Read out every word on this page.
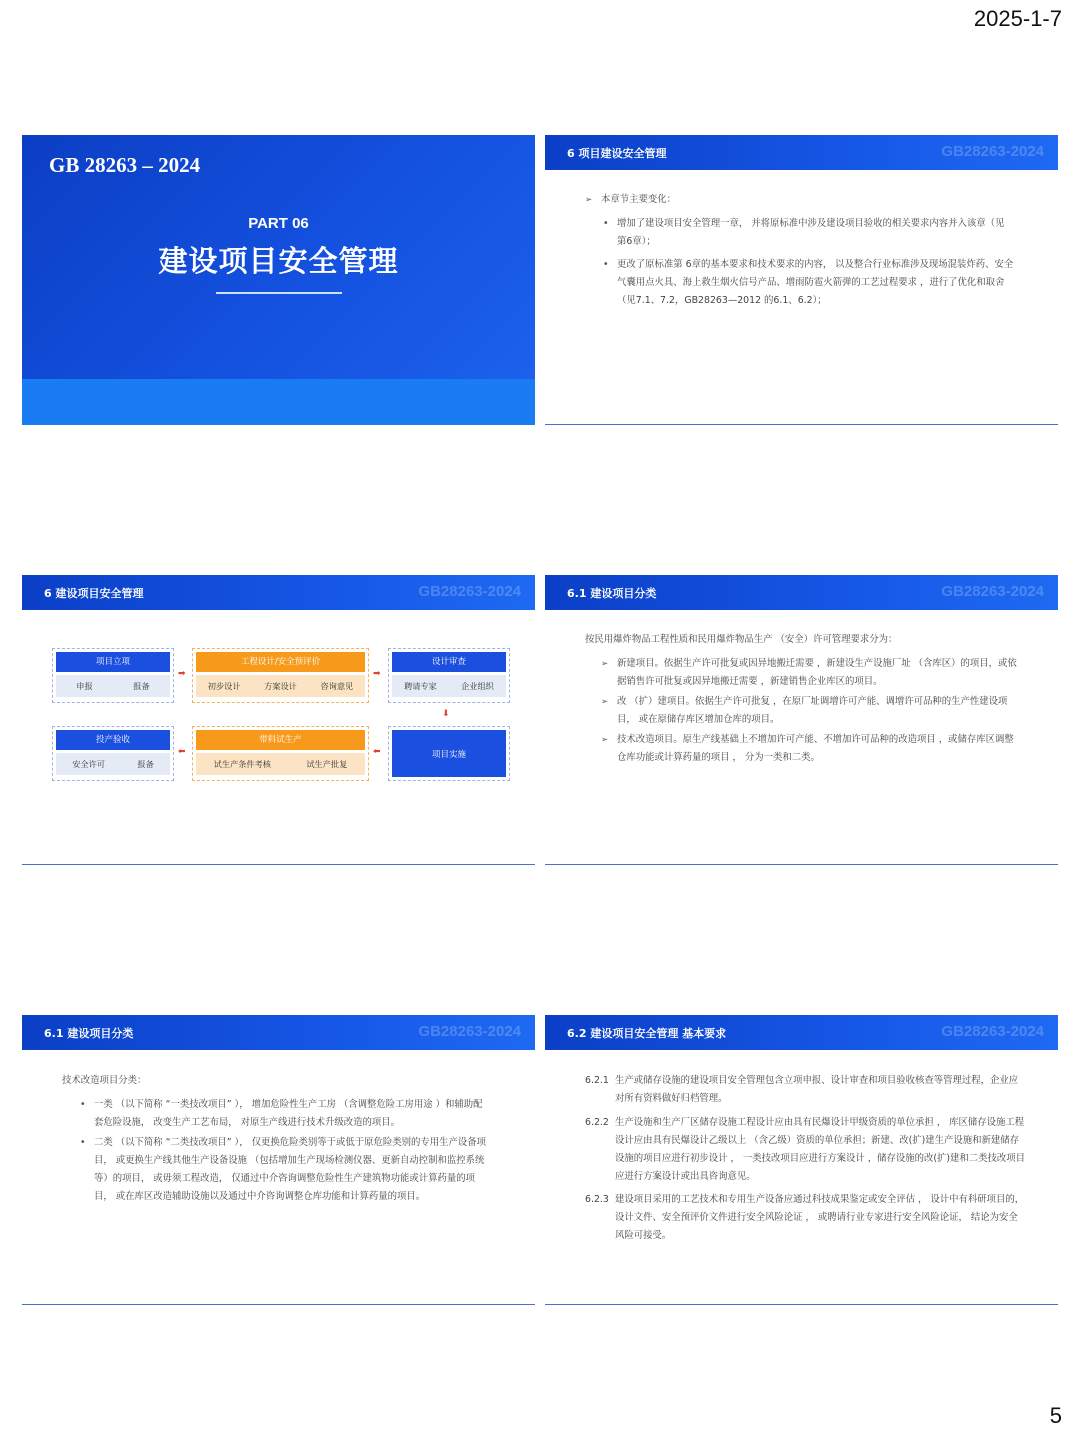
2025-1-7
GB 28263 – 2024
PART 06
建设项目安全管理
6 项目建设安全管理	GB28263-2024
➢ 本章节主要变化：
• 增加了建设项目安全管理一章， 并将原标准中涉及建设项目验收的相关要求内容并入该章（见第6章）；
• 更改了原标准第 6章的基本要求和技术要求的内容， 以及整合行业标准涉及现场混装炸药、安全气囊用点火具、海上救生烟火信号产品、增雨防雹火箭弹的工艺过程要求 ，进行了优化和取舍 （见7.1、7.2，GB28263—2012 的6.1、6.2）；
6 建设项目安全管理	GB28263-2024
项目立项
申报	报备
➡
工程设计/安全预评价
初步设计	方案设计	咨询意见
➡
设计审查
聘请专家	企业组织
⬇
投产验收
安全许可	报备
⬅
带料试生产
试生产条件考核	试生产批复
⬅	项目实施
6.1 建设项目分类	GB28263-2024
按民用爆炸物品工程性质和民用爆炸物品生产 （安全）许可管理要求分为：
➢ 新建项目。依据生产许可批复或因异地搬迁需要 ，新建设生产设施厂址 （含库区）的项目，或依据销售许可批复或因异地搬迁需要 ，新建销售企业库区的项目。
➢ 改 （扩）建项目。依据生产许可批复 ，在原厂址调增许可产能、调增许可品种的生产性建设项目， 或在原储存库区增加仓库的项目。
➢ 技术改造项目。原生产线基础上不增加许可产能、不增加许可品种的改造项目 ，或储存库区调整仓库功能或计算药量的项目 ， 分为一类和二类。
6.1 建设项目分类	GB28263-2024
技术改造项目分类：
• 一类 （以下简称 “一类技改项目” ）， 增加危险性生产工房 （含调整危险工房用途 ）和辅助配套危险设施， 改变生产工艺布局， 对原生产线进行技术升级改造的项目。
• 二类 （以下简称 “二类技改项目” ）， 仅更换危险类别等于或低于原危险类别的专用生产设备项目， 或更换生产线其他生产设备设施 （包括增加生产现场检测仪器、更新自动控制和监控系统等）的项目， 或毋须工程改造， 仅通过中介咨询调整危险性生产建筑物功能或计算药量的项目， 或在库区改造辅助设施以及通过中介咨询调整仓库功能和计算药量的项目。
6.2 建设项目安全管理 基本要求	GB28263-2024
6.2.1 生产或储存设施的建设项目安全管理包含立项申报、设计审查和项目验收核查等管理过程，企业应对所有资料做好归档管理。
6.2.2 生产设施和生产厂区储存设施工程设计应由具有民爆设计甲级资质的单位承担 ， 库区储存设施工程设计应由具有民爆设计乙级以上 （含乙级）资质的单位承担；新建、改(扩)建生产设施和新建储存设施的项目应进行初步设计 ， 一类技改项目应进行方案设计 ，储存设施的改(扩)建和二类技改项目应进行方案设计或出具咨询意见。
6.2.3 建设项目采用的工艺技术和专用生产设备应通过科技成果鉴定或安全评估 ， 设计中有科研项目的， 设计文件、安全预评价文件进行安全风险论证 ， 或聘请行业专家进行安全风险论证， 结论为安全风险可接受。
5
